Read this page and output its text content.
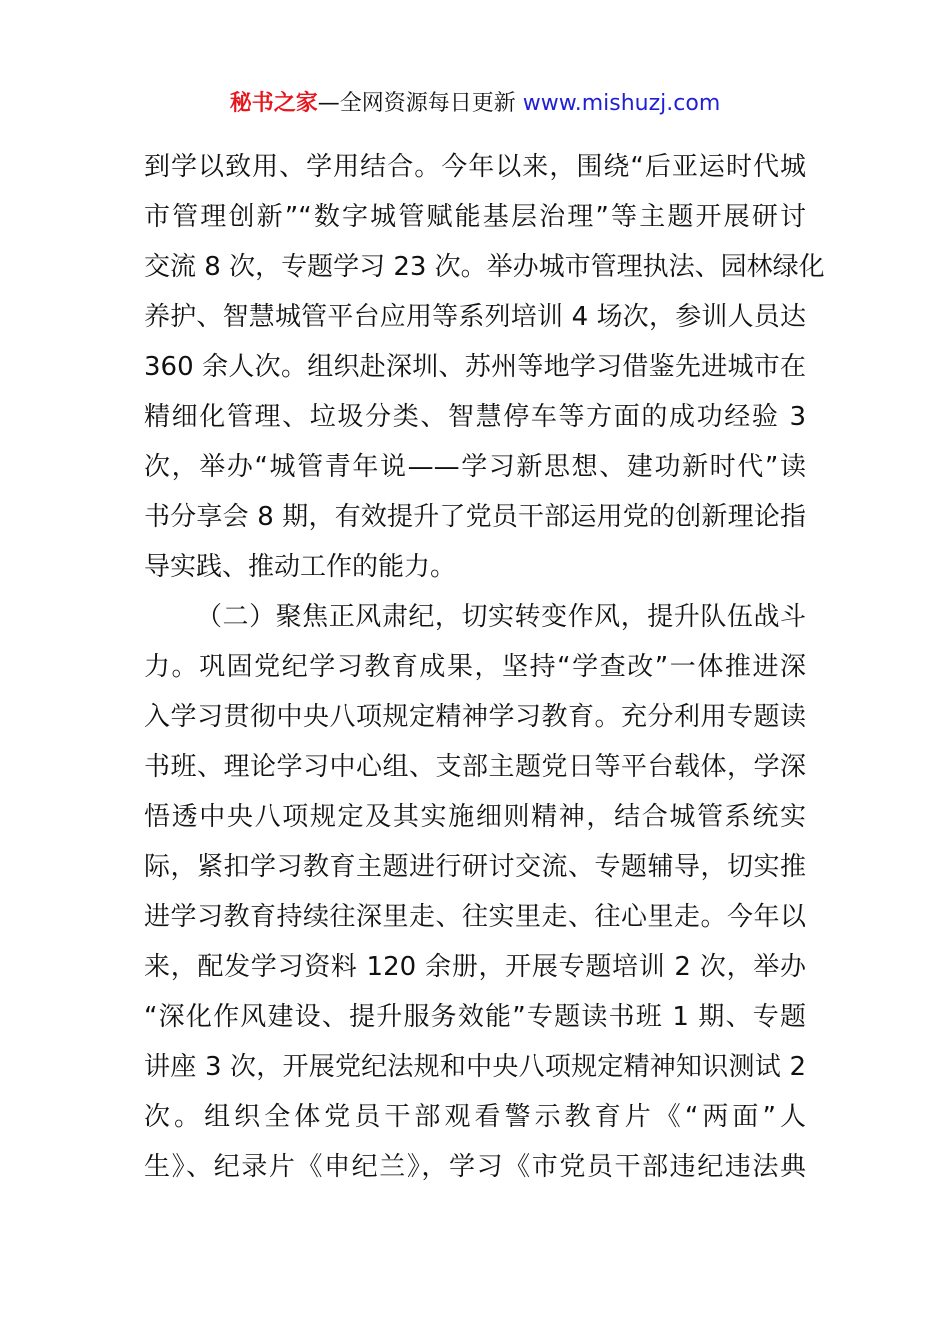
秘书之家—全网资源每日更新 www.mishuzj.com
到学以致用、学用结合。今年以来，围绕“后亚运时代城
市管理创新”“数字城管赋能基层治理”等主题开展研讨
交流 8 次，专题学习 23 次。举办城市管理执法、园林绿化
养护、智慧城管平台应用等系列培训 4 场次，参训人员达
360 余人次。组织赴深圳、苏州等地学习借鉴先进城市在
精细化管理、垃圾分类、智慧停车等方面的成功经验 3
次，举办“城管青年说——学习新思想、建功新时代”读
书分享会 8 期，有效提升了党员干部运用党的创新理论指
导实践、推动工作的能力。
（二）聚焦正风肃纪，切实转变作风，提升队伍战斗
力。巩固党纪学习教育成果，坚持“学查改”一体推进深
入学习贯彻中央八项规定精神学习教育。充分利用专题读
书班、理论学习中心组、支部主题党日等平台载体，学深
悟透中央八项规定及其实施细则精神，结合城管系统实
际，紧扣学习教育主题进行研讨交流、专题辅导，切实推
进学习教育持续往深里走、往实里走、往心里走。今年以
来，配发学习资料 120 余册，开展专题培训 2 次，举办
“深化作风建设、提升服务效能”专题读书班 1 期、专题
讲座 3 次，开展党纪法规和中央八项规定精神知识测试 2
次。组织全体党员干部观看警示教育片《“两面”人
生》、纪录片《申纪兰》，学习《市党员干部违纪违法典
